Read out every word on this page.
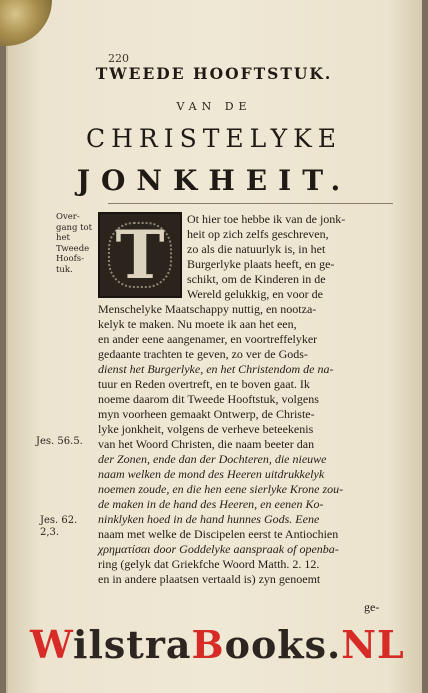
220
TWEEDE HOOFTSTUK.
VAN DE
CHRISTELYKE
JONKHEIT.
Over-
gang tot
het
Tweede
Hoofs-
tuk.
Jes. 56.5.
Jes. 62.
2,3.
T	Ot hier toe hebbe ik van de jonk-
heit op zich zelfs geschreven,
zo als die natuurlyk is, in het
Burgerlyke plaats heeft, en ge-
schikt, om de Kinderen in de
Wereld gelukkig, en voor de
Menschelyke Maatschappy nuttig, en nootza-
kelyk te maken. Nu moete ik aan het een,
en ander eene aangenamer, en voortreffelyker
gedaante trachten te geven, zo ver de Gods-
dienst het Burgerlyke, en het Christendom de na-
tuur en Reden overtreft, en te boven gaat. Ik
noeme daarom dit Tweede Hooftstuk, volgens
myn voorheen gemaakt Ontwerp, de Christe-
lyke jonkheit, volgens de verheve beteekenis
van het Woord Christen, die naam beeter dan
der Zonen, ende dan der Dochteren, die nieuwe
naam welken de mond des Heeren uitdrukkelyk
noemen zoude, en die hen eene sierlyke Krone zou-
de maken in de hand des Heeren, en eenen Ko-
ninklyken hoed in de hand hunnes Gods. Eene
naam met welke de Discipelen eerst te Antiochien
χρηματίσαι door Goddelyke aanspraak of openba-
ring (gelyk dat Griekfche Woord Matth. 2. 12.
en in andere plaatsen vertaald is) zyn genoemt
ge-
WilstraBooks.NL
